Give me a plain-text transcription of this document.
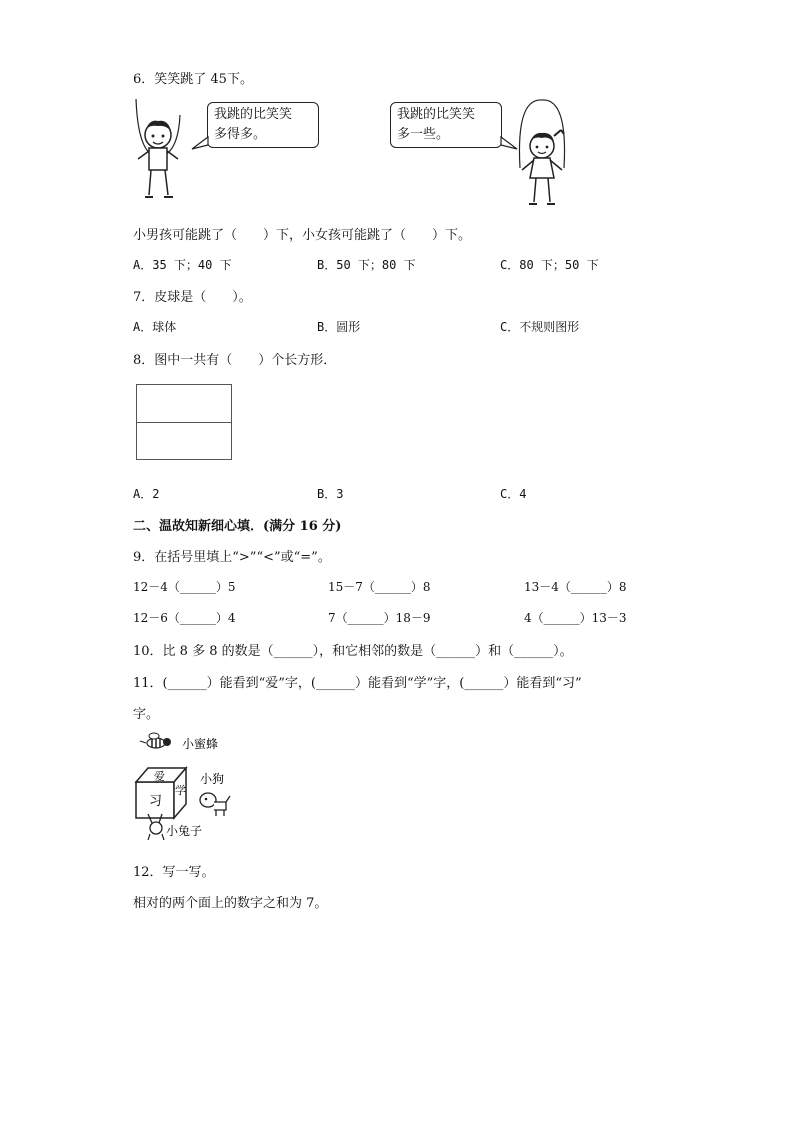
6．笑笑跳了 45下。
我跳的比笑笑
多得多。
我跳的比笑笑
多一些。
小男孩可能跳了（　　）下，小女孩可能跳了（　　）下。
A．35 下；40 下	B．50 下；80 下	C．80 下；50 下
7．皮球是（　　）。
A．球体	B．圆形	C．不规则图形
8．图中一共有（　　）个长方形．
A．2	B．3	C．4
二、温故知新细心填．(满分 16 分)
9．在括号里填上“>”“<”或“=”。
12－4（______）5	15－7（______）8	13－4（______）8
12－6（______）4	7（______）18－9	4（______）13－3
10．比 8 多 8 的数是（______），和它相邻的数是（______）和（______）。
11．(______）能看到“爱”字，(______）能看到“学”字，(______）能看到“习”
字。
小蜜蜂
爱
习
学
小狗
小兔子
12．写一写。
相对的两个面上的数字之和为 7。
